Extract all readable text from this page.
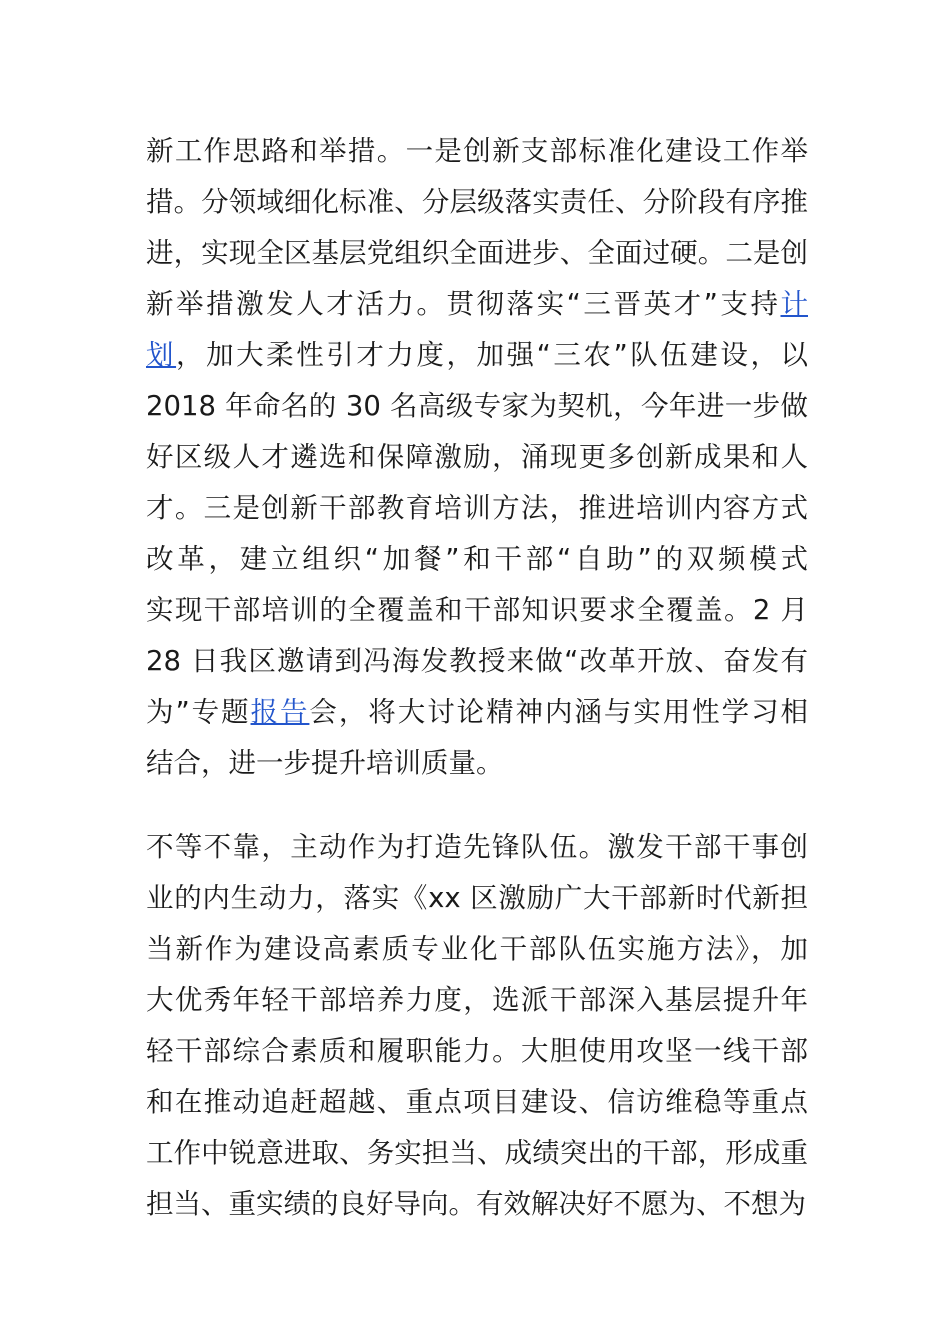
新工作思路和举措。一是创新支部标准化建设工作举
措。分领域细化标准、分层级落实责任、分阶段有序推
进，实现全区基层党组织全面进步、全面过硬。二是创
新举措激发人才活力。贯彻落实“三晋英才”支持计
划，加大柔性引才力度，加强“三农”队伍建设，以
2018 年命名的 30 名高级专家为契机，今年进一步做
好区级人才遴选和保障激励，涌现更多创新成果和人
才。三是创新干部教育培训方法，推进培训内容方式
改革，建立组织“加餐”和干部“自助”的双频模式
实现干部培训的全覆盖和干部知识要求全覆盖。2 月
28 日我区邀请到冯海发教授来做“改革开放、奋发有
为”专题报告会，将大讨论精神内涵与实用性学习相
结合，进一步提升培训质量。
不等不靠，主动作为打造先锋队伍。激发干部干事创
业的内生动力，落实《xx 区激励广大干部新时代新担
当新作为建设高素质专业化干部队伍实施方法》，加
大优秀年轻干部培养力度，选派干部深入基层提升年
轻干部综合素质和履职能力。大胆使用攻坚一线干部
和在推动追赶超越、重点项目建设、信访维稳等重点
工作中锐意进取、务实担当、成绩突出的干部，形成重
担当、重实绩的良好导向。有效解决好不愿为、不想为
